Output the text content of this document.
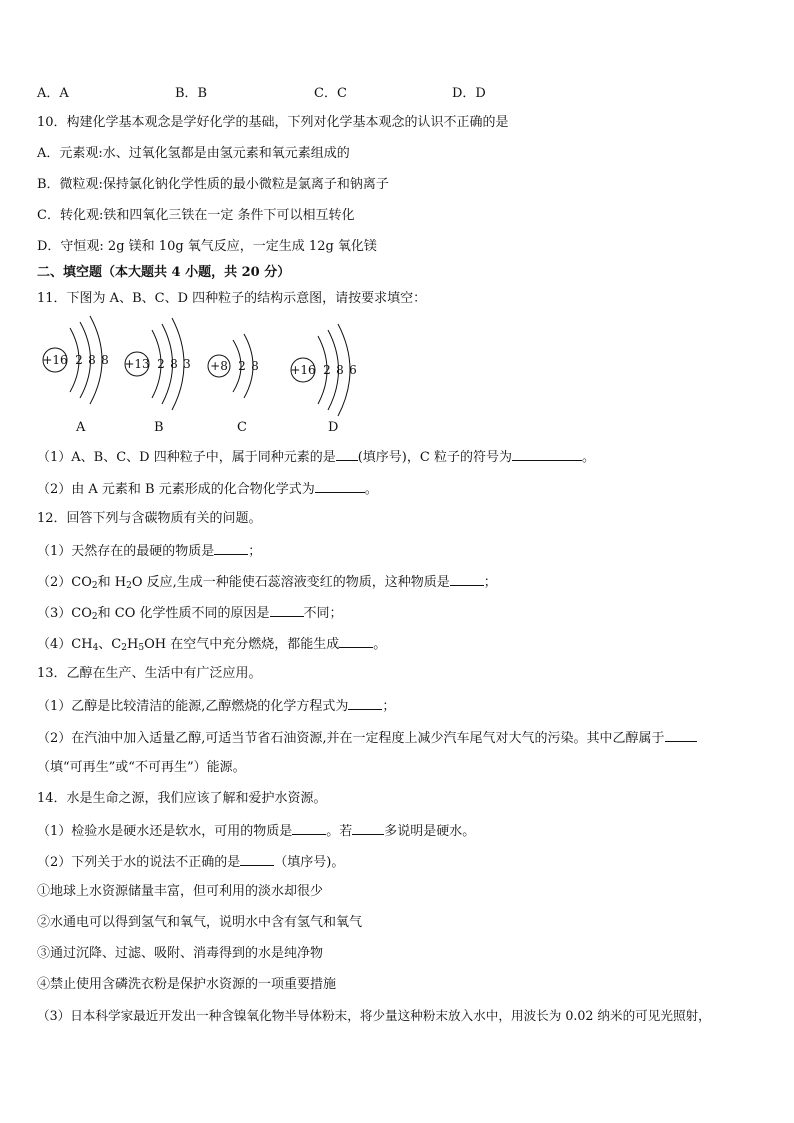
A．A	B．B	C．C	D．D
10．构建化学基本观念是学好化学的基础，下列对化学基本观念的认识不正确的是
A．元素观:水、过氧化氢都是由氢元素和氧元素组成的
B．微粒观:保持氯化钠化学性质的最小微粒是氯离子和钠离子
C．转化观:铁和四氧化三铁在一定 条件下可以相互转化
D．守恒观: 2g 镁和 10g 氧气反应，一定生成 12g 氧化镁
二、填空题（本大题共 4 小题，共 20 分）
11．下图为 A、B、C、D 四种粒子的结构示意图，请按要求填空：
+16 2 8 8 +13 2 8 3 +8 2 8	+16 2 8 6
A	B	C	D
（1）A、B、C、D 四种粒子中，属于同种元素的是 (填序号)，C 粒子的符号为	。
（2）由 A 元素和 B 元素形成的化合物化学式为	。
12．回答下列与含碳物质有关的问题。
（1）天然存在的最硬的物质是	；
$(2)CO_2$和 $H_2O$ 反应,生成一种能使石蕊溶液变红的物质，这种物质是	；
$(3)CO_2$和 CO 化学性质不同的原因是	不同；
$(4)CH_4$、$C_2H_5OH$ 在空气中充分燃烧，都能生成	。
13．乙醇在生产、生活中有广泛应用。
（1）乙醇是比较清洁的能源,乙醇燃烧的化学方程式为	；
（2）在汽油中加入适量乙醇,可适当节省石油资源,并在一定程度上减少汽车尾气对大气的污染。其中乙醇属于
（填“可再生”或“不可再生”）能源。
14．水是生命之源，我们应该了解和爱护水资源。
（1）检验水是硬水还是软水，可用的物质是	。若 多说明是硬水。
（2）下列关于水的说法不正确的是	（填序号)。
①地球上水资源储量丰富，但可利用的淡水却很少
②水通电可以得到氢气和氧气，说明水中含有氢气和氧气
③通过沉降、过滤、吸附、消毒得到的水是纯净物
④禁止使用含磷洗衣粉是保护水资源的一项重要措施
（3）日本科学家最近开发出一种含镍氧化物半导体粉末，将少量这种粉末放入水中，用波长为 0.02 纳米的可见光照射，
